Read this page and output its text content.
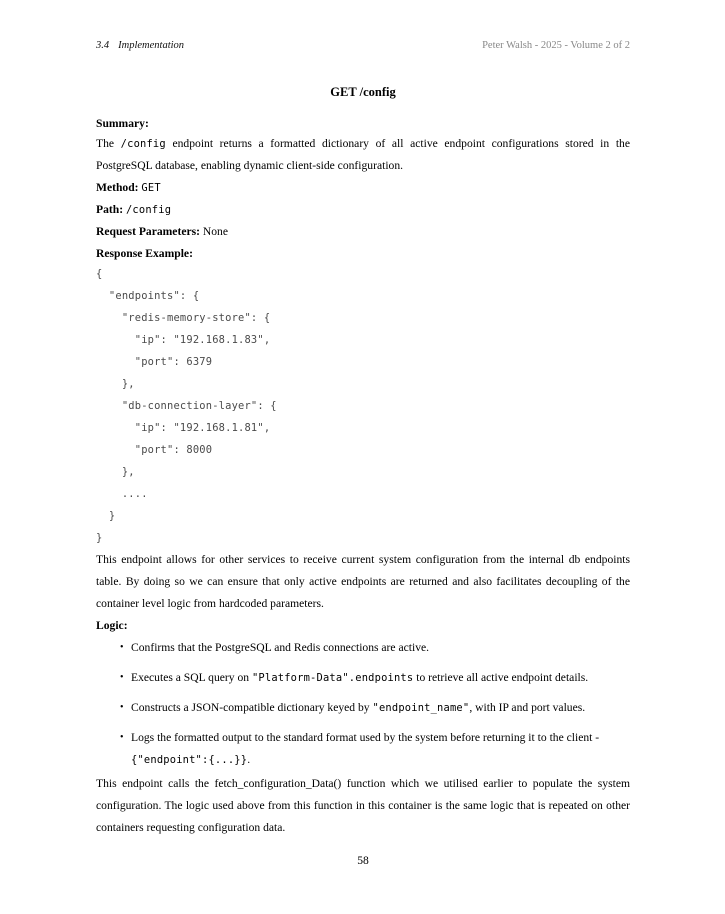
3.4 Implementation	Peter Walsh - 2025 - Volume 2 of 2
GET /config
Summary:
The /config endpoint returns a formatted dictionary of all active endpoint configurations stored in the PostgreSQL database, enabling dynamic client-side configuration.
Method: GET
Path: /config
Request Parameters: None
Response Example:
{
"endpoints": {
"redis-memory-store": {
"ip": "192.168.1.83",
"port": 6379
},
"db-connection-layer": {
"ip": "192.168.1.81",
"port": 8000
},
....
}
}
This endpoint allows for other services to receive current system configuration from the internal db endpoints table. By doing so we can ensure that only active endpoints are returned and also facilitates decoupling of the container level logic from hardcoded parameters.
Logic:
• Confirms that the PostgreSQL and Redis connections are active.
• Executes a SQL query on "Platform-Data".endpoints to retrieve all active endpoint details.
• Constructs a JSON-compatible dictionary keyed by "endpoint_name", with IP and port values.
• Logs the formatted output to the standard format used by the system before returning it to the client - {"endpoint":{...}}.
This endpoint calls the fetch_configuration_Data() function which we utilised earlier to populate the system configuration. The logic used above from this function in this container is the same logic that is repeated on other containers requesting configuration data.
58
